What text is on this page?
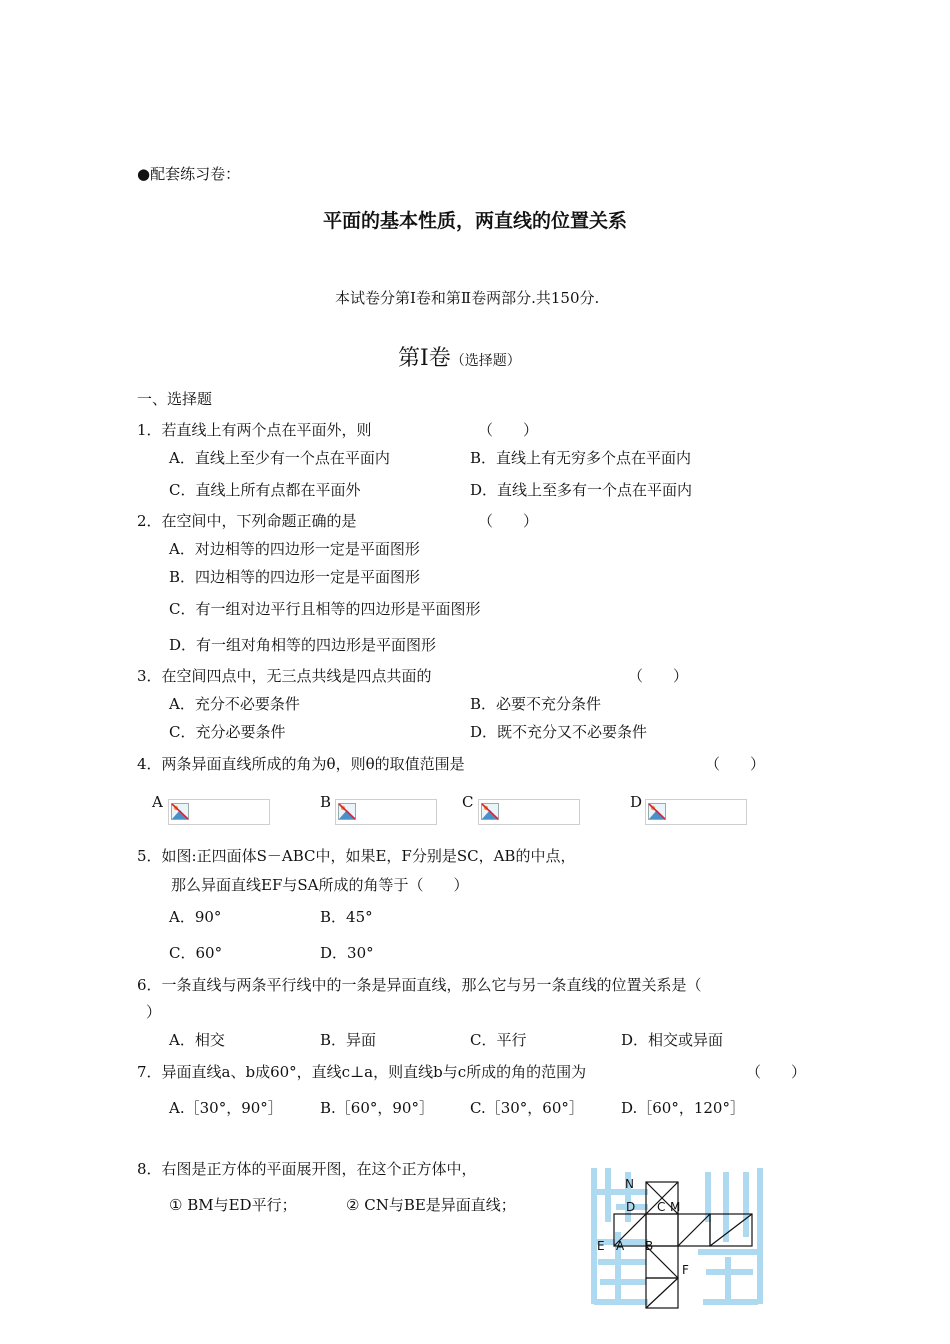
●配套练习卷：
平面的基本性质，两直线的位置关系
本试卷分第Ⅰ卷和第Ⅱ卷两部分.共150分.
第Ⅰ卷（选择题）
一、选择题
1．若直线上有两个点在平面外，则	（　　）
A．直线上至少有一个点在平面内	B．直线上有无穷多个点在平面内
C．直线上所有点都在平面外	D．直线上至多有一个点在平面内
2．在空间中，下列命题正确的是	（　　）
A．对边相等的四边形一定是平面图形
B．四边相等的四边形一定是平面图形
C．有一组对边平行且相等的四边形是平面图形
D．有一组对角相等的四边形是平面图形
3．在空间四点中，无三点共线是四点共面的	（　　）
A．充分不必要条件	B．必要不充分条件
C．充分必要条件	D．既不充分又不必要条件
4．两条异面直线所成的角为θ，则θ的取值范围是	（　　）
A	B	C	D
5．如图:正四面体S－ABC中，如果E，F分别是SC，AB的中点，
那么异面直线EF与SA所成的角等于（　　）
A．90°	B．45°
C．60°	D．30°
6．一条直线与两条平行线中的一条是异面直线，那么它与另一条直线的位置关系是（
）
A．相交	B．异面	C．平行	D．相交或异面
7．异面直线a、b成60°，直线c⊥a，则直线b与c所成的角的范围为	（　　）
A.［30°，90°］ B.［60°，90°］ C.［30°，60°］ D.［60°，120°］
8．右图是正方体的平面展开图，在这个正方体中，
① BM与ED平行；	② CN与BE是异面直线；
N
D C M
E A B
F
